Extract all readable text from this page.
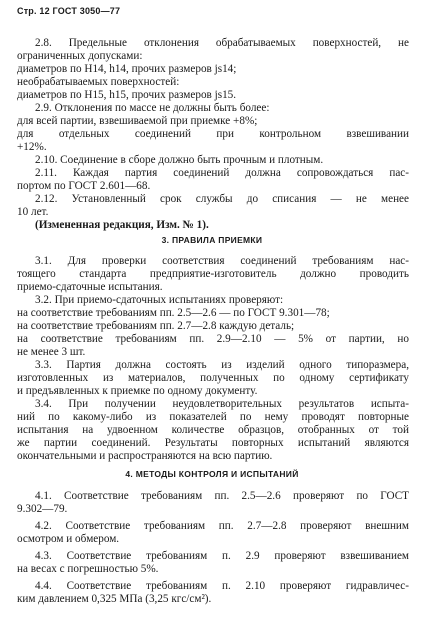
Стр. 12 ГОСТ 3050—77
2.8. Предельные отклонения обрабатываемых поверхностей, не
ограниченных допусками:
диаметров по H14, h14, прочих размеров js14;
необрабатываемых поверхностей:
диаметров по H15, h15, прочих размеров js15.
2.9. Отклонения по массе не должны быть более:
для всей партии, взвешиваемой при приемке +8%;
для отдельных соединений при контрольном взвешивании
+12%.
2.10. Соединение в сборе должно быть прочным и плотным.
2.11. Каждая партия соединений должна сопровождаться пас-
портом по ГОСТ 2.601—68.
2.12. Установленный срок службы до списания — не менее
10 лет.
(Измененная редакция, Изм. № 1).
3. ПРАВИЛА ПРИЕМКИ
3.1. Для проверки соответствия соединений требованиям нас-
тоящего стандарта предприятие-изготовитель должно проводить
приемо-сдаточные испытания.
3.2. При приемо-сдаточных испытаниях проверяют:
на соответствие требованиям пп. 2.5—2.6 — по ГОСТ 9.301—78;
на соответствие требованиям пп. 2.7—2.8 каждую деталь;
на соответствие требованиям пп. 2.9—2.10 — 5% от партии, но
не менее 3 шт.
3.3. Партия должна состоять из изделий одного типоразмера,
изготовленных из материалов, полученных по одному сертификату
и предъявленных к приемке по одному документу.
3.4. При получении неудовлетворительных результатов испыта-
ний по какому-либо из показателей по нему проводят повторные
испытания на удвоенном количестве образцов, отобранных от той
же партии соединений. Результаты повторных испытаний являются
окончательными и распространяются на всю партию.
4. МЕТОДЫ КОНТРОЛЯ И ИСПЫТАНИЙ
4.1. Соответствие требованиям пп. 2.5—2.6 проверяют по ГОСТ
9.302—79.
4.2. Соответствие требованиям пп. 2.7—2.8 проверяют внешним
осмотром и обмером.
4.3. Соответствие требованиям п. 2.9 проверяют взвешиванием
на весах с погрешностью 5%.
4.4. Соответствие требованиям п. 2.10 проверяют гидравличес-
ким давлением 0,325 МПа (3,25 кгс/см²).
